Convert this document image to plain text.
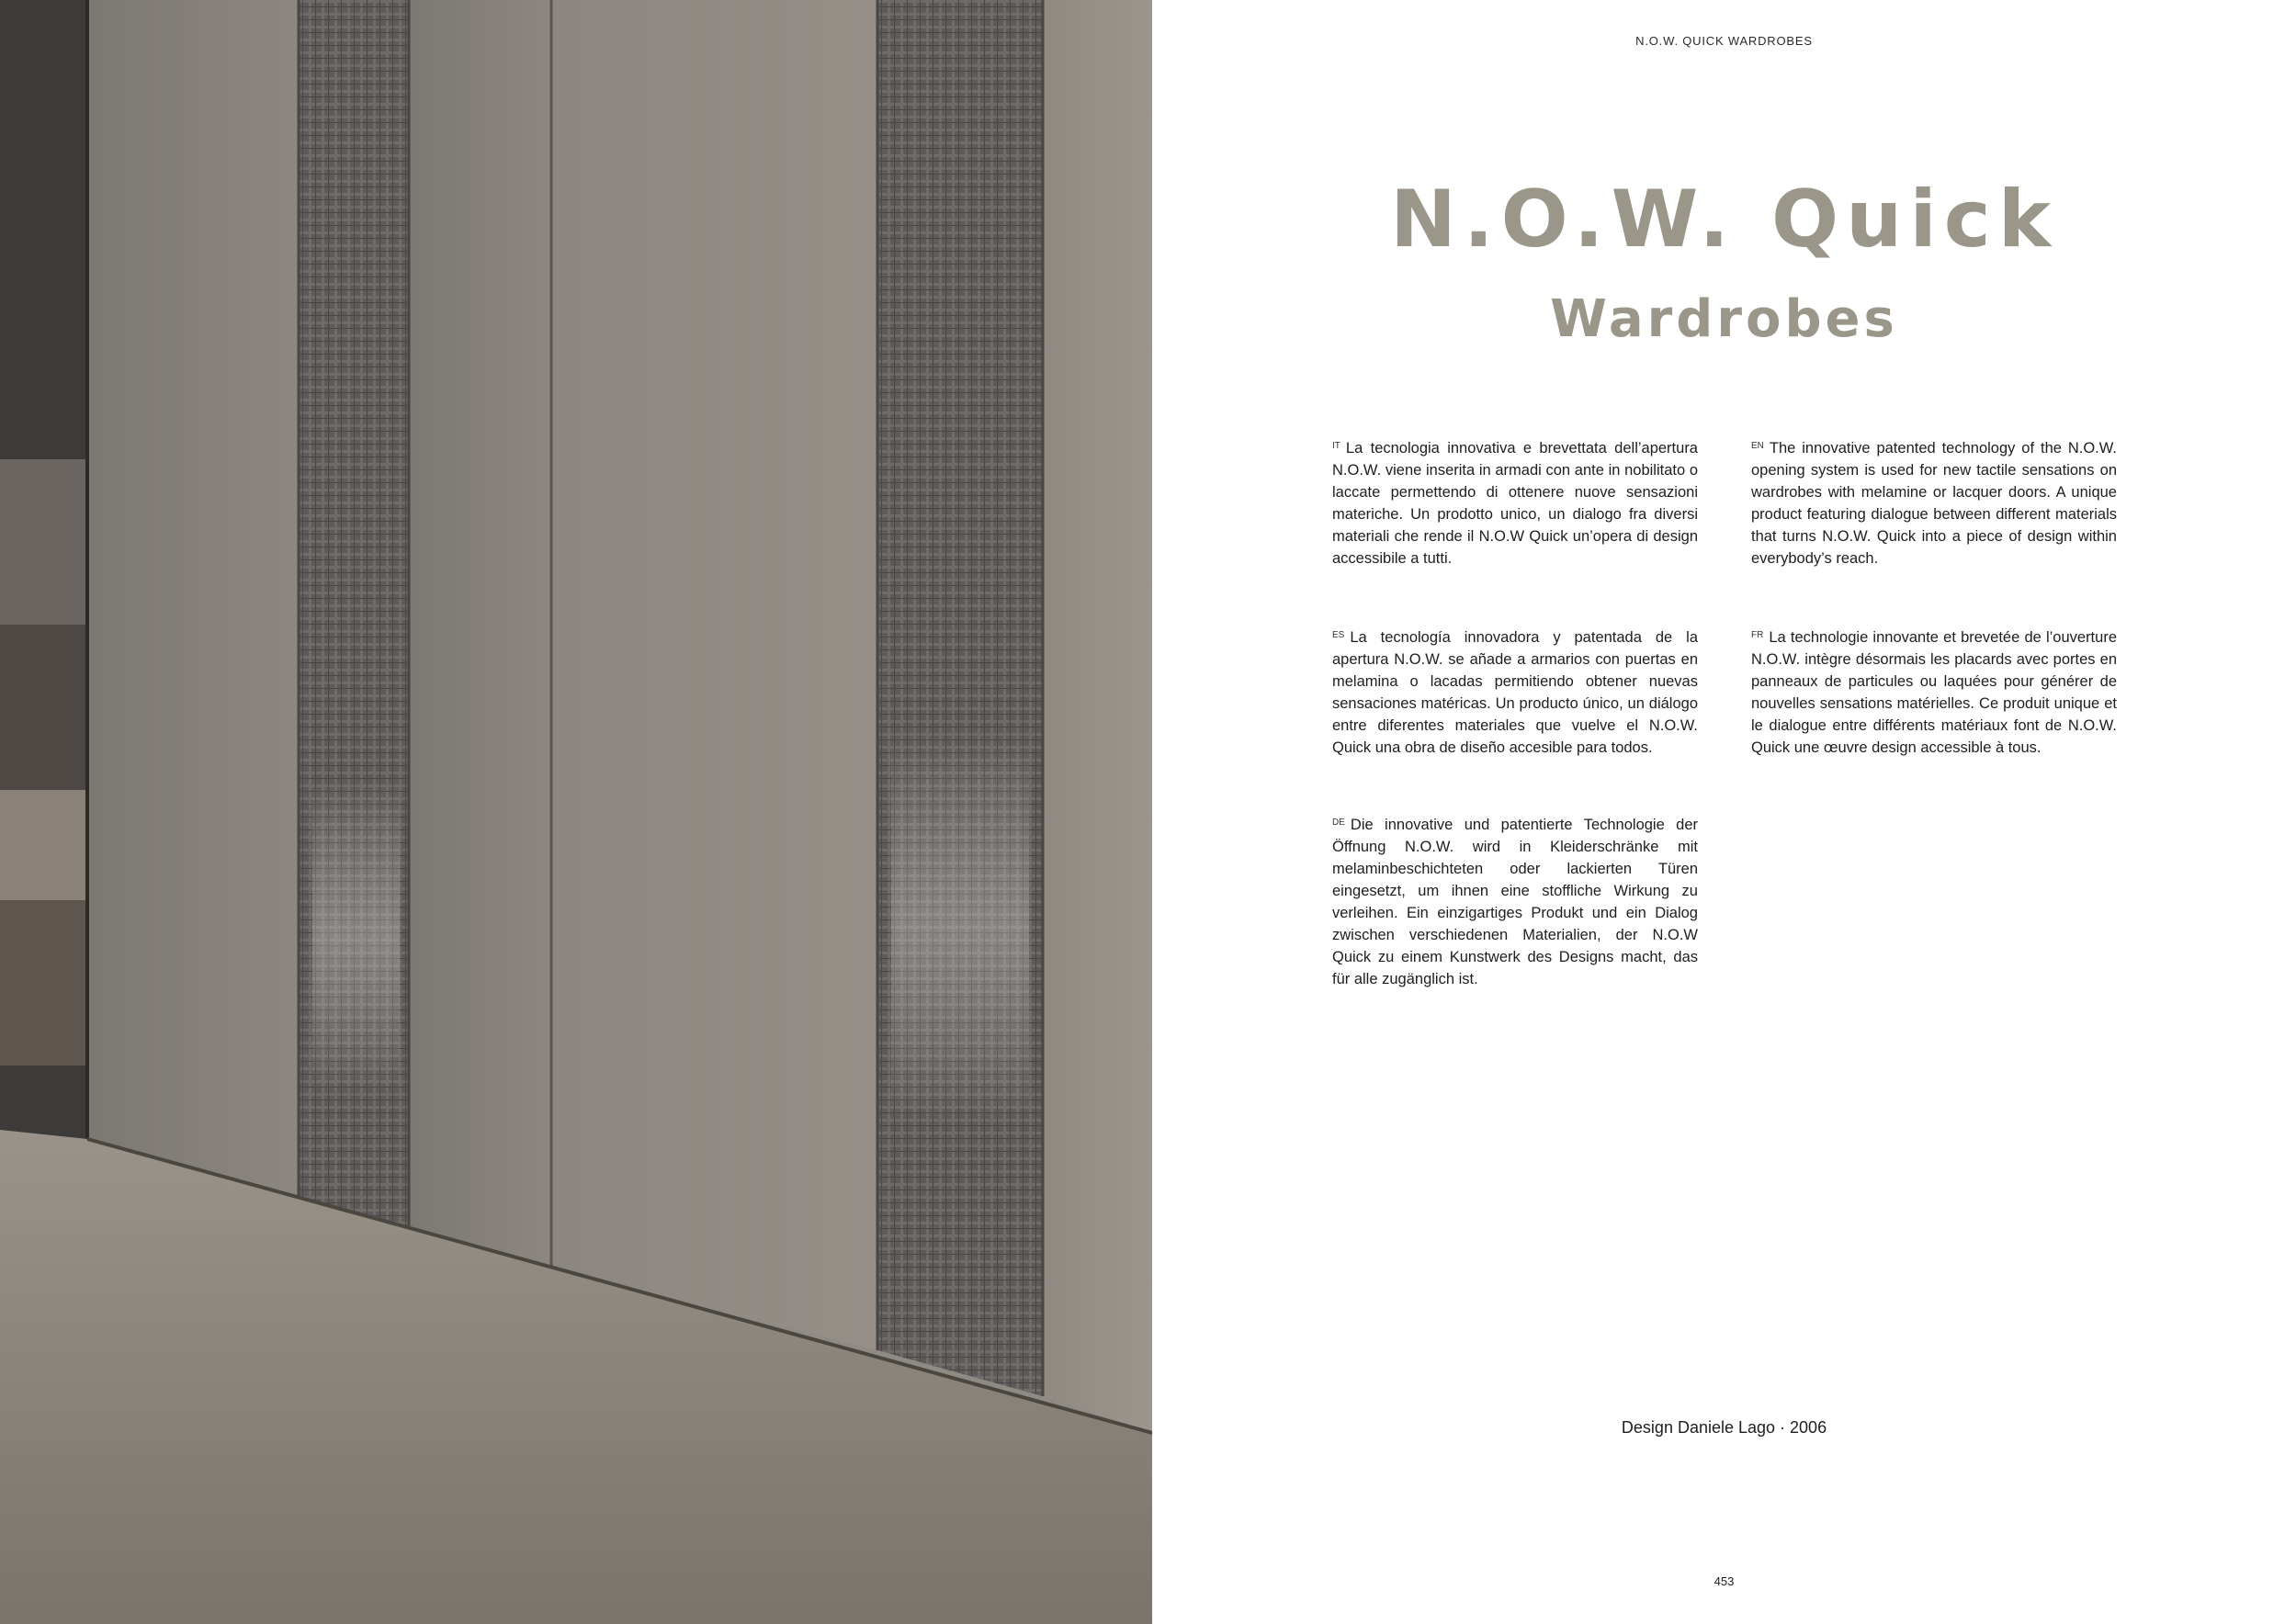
N.O.W. QUICK WARDROBES
N.O.W. Quick
Wardrobes
$^{IT}$ La tecnologia innovativa e brevettata dell’apertura N.O.W. viene inserita in armadi con ante in nobilitato o laccate permettendo di ottenere nuove sensazioni materiche. Un prodotto unico, un dialogo fra diversi materiali che rende il N.O.W Quick un’opera di design accessibile a tutti.
$^{EN}$ The innovative patented technology of the N.O.W. opening system is used for new tactile sensations on wardrobes with melamine or lacquer doors. A unique product featuring dialogue between different materials that turns N.O.W. Quick into a piece of design within everybody’s reach.
$^{ES}$ La tecnología innovadora y patentada de la apertura N.O.W. se añade a armarios con puertas en melamina o lacadas permitiendo obtener nuevas sensaciones matéricas. Un producto único, un diálogo entre diferentes materiales que vuelve el N.O.W. Quick una obra de diseño accesible para todos.
$^{FR}$ La technologie innovante et brevetée de l’ouverture N.O.W. intègre désormais les placards avec portes en panneaux de particules ou laquées pour générer de nouvelles sensations matérielles. Ce produit unique et le dialogue entre différents matériaux font de N.O.W. Quick une œuvre design accessible à tous.
$^{DE}$ Die innovative und patentierte Technologie der Öffnung N.O.W. wird in Kleiderschränke mit melaminbeschichteten oder lackierten Türen eingesetzt, um ihnen eine stoffliche Wirkung zu verleihen. Ein einzigartiges Produkt und ein Dialog zwischen verschiedenen Materialien, der N.O.W Quick zu einem Kunstwerk des Designs macht, das für alle zugänglich ist.
Design Daniele Lago · 2006
453
